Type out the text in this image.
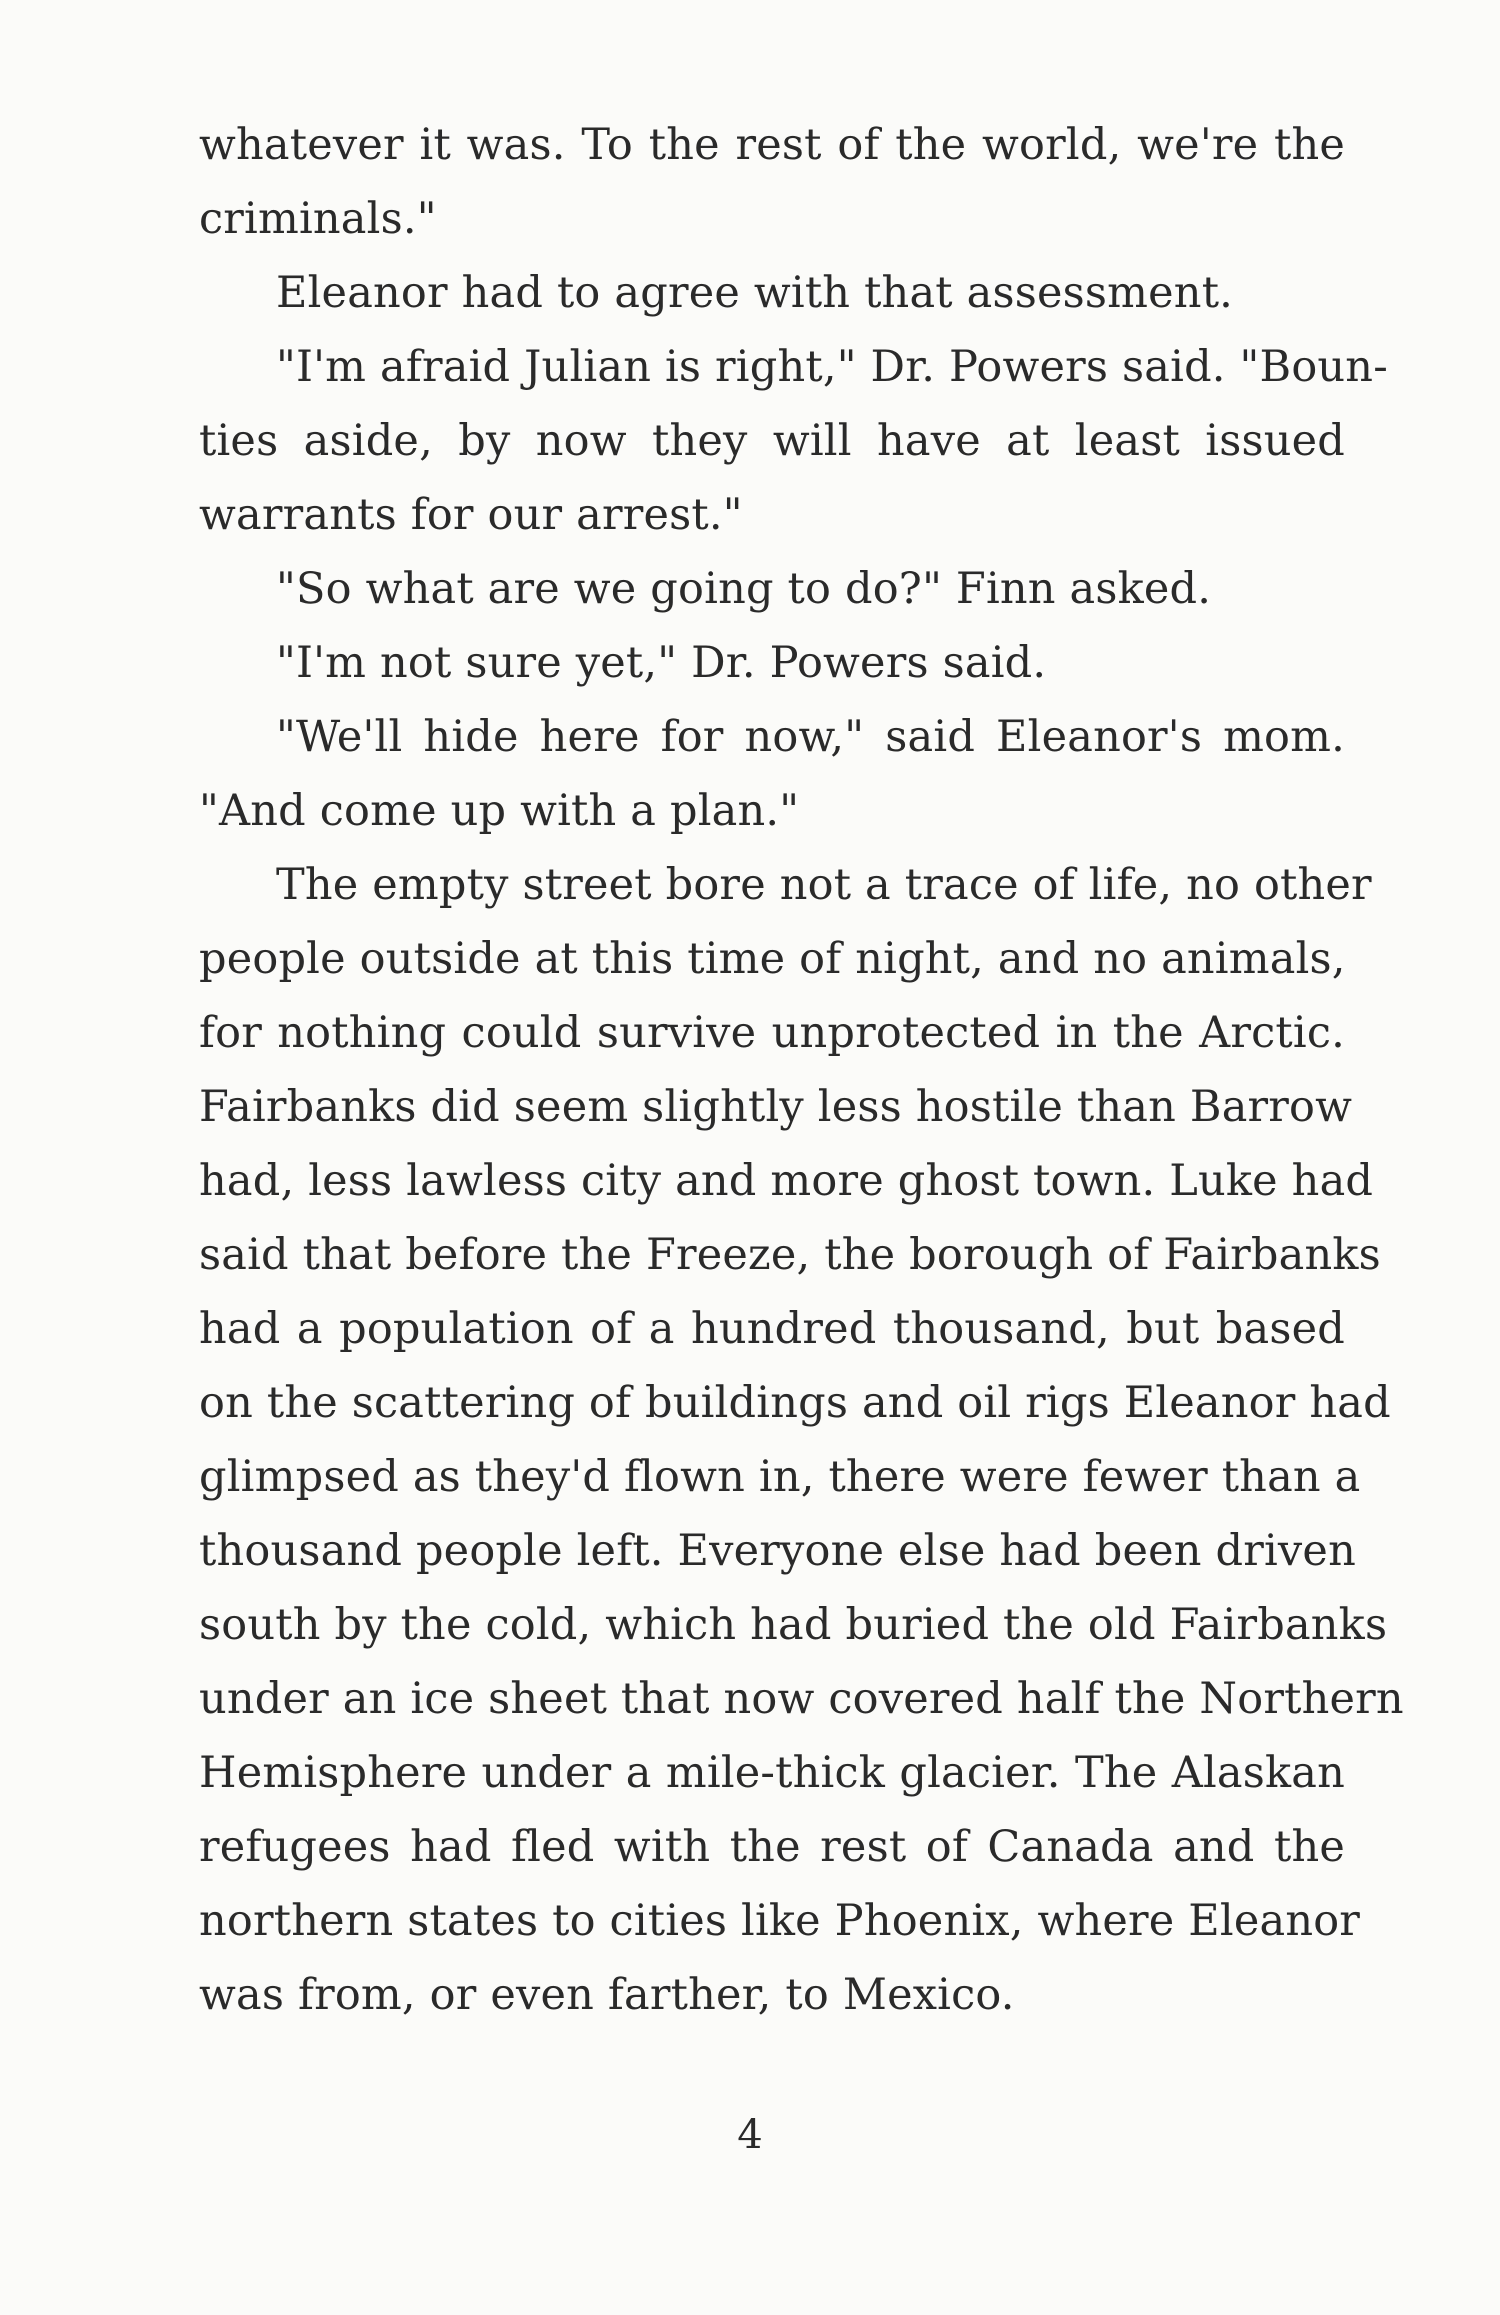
whatever it was. To the rest of the world, we're the
criminals."
Eleanor had to agree with that assessment.
"I'm afraid Julian is right," Dr. Powers said. "Boun-
ties aside, by now they will have at least issued
warrants for our arrest."
"So what are we going to do?" Finn asked.
"I'm not sure yet," Dr. Powers said.
"We'll hide here for now," said Eleanor's mom.
"And come up with a plan."
The empty street bore not a trace of life, no other
people outside at this time of night, and no animals,
for nothing could survive unprotected in the Arctic.
Fairbanks did seem slightly less hostile than Barrow
had, less lawless city and more ghost town. Luke had
said that before the Freeze, the borough of Fairbanks
had a population of a hundred thousand, but based
on the scattering of buildings and oil rigs Eleanor had
glimpsed as they'd flown in, there were fewer than a
thousand people left. Everyone else had been driven
south by the cold, which had buried the old Fairbanks
under an ice sheet that now covered half the Northern
Hemisphere under a mile-thick glacier. The Alaskan
refugees had fled with the rest of Canada and the
northern states to cities like Phoenix, where Eleanor
was from, or even farther, to Mexico.
4
